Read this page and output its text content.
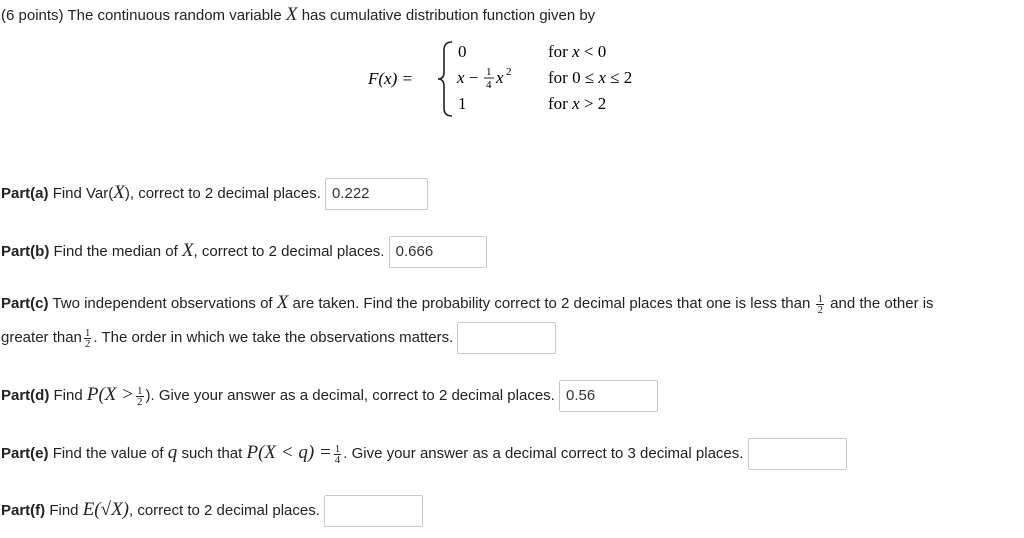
(6 points) The continuous random variable X has cumulative distribution function given by
F(x) =
0	for x < 0
x − 1
4 x 2 for 0 ≤ x ≤ 2
1	for x > 2
Part(a) Find Var(X), correct to 2 decimal places. 0.222
Part(b) Find the median of X, correct to 2 decimal places. 0.666
Part(c) Two independent observations of X are taken. Find the probability correct to 2 decimal places that one is less than $\frac{1}{2}$ and the other is
greater than $\frac{1}{2}$ . The order in which we take the observations matters.
Part(d) Find $P(X > \frac{1}{2}$ ). Give your answer as a decimal, correct to 2 decimal places. 0.56
Part(e) Find the value of q such that $P(X < q) = \frac{1}{4}$ . Give your answer as a decimal correct to 3 decimal places.
Part(f) Find E(√X), correct to 2 decimal places.
